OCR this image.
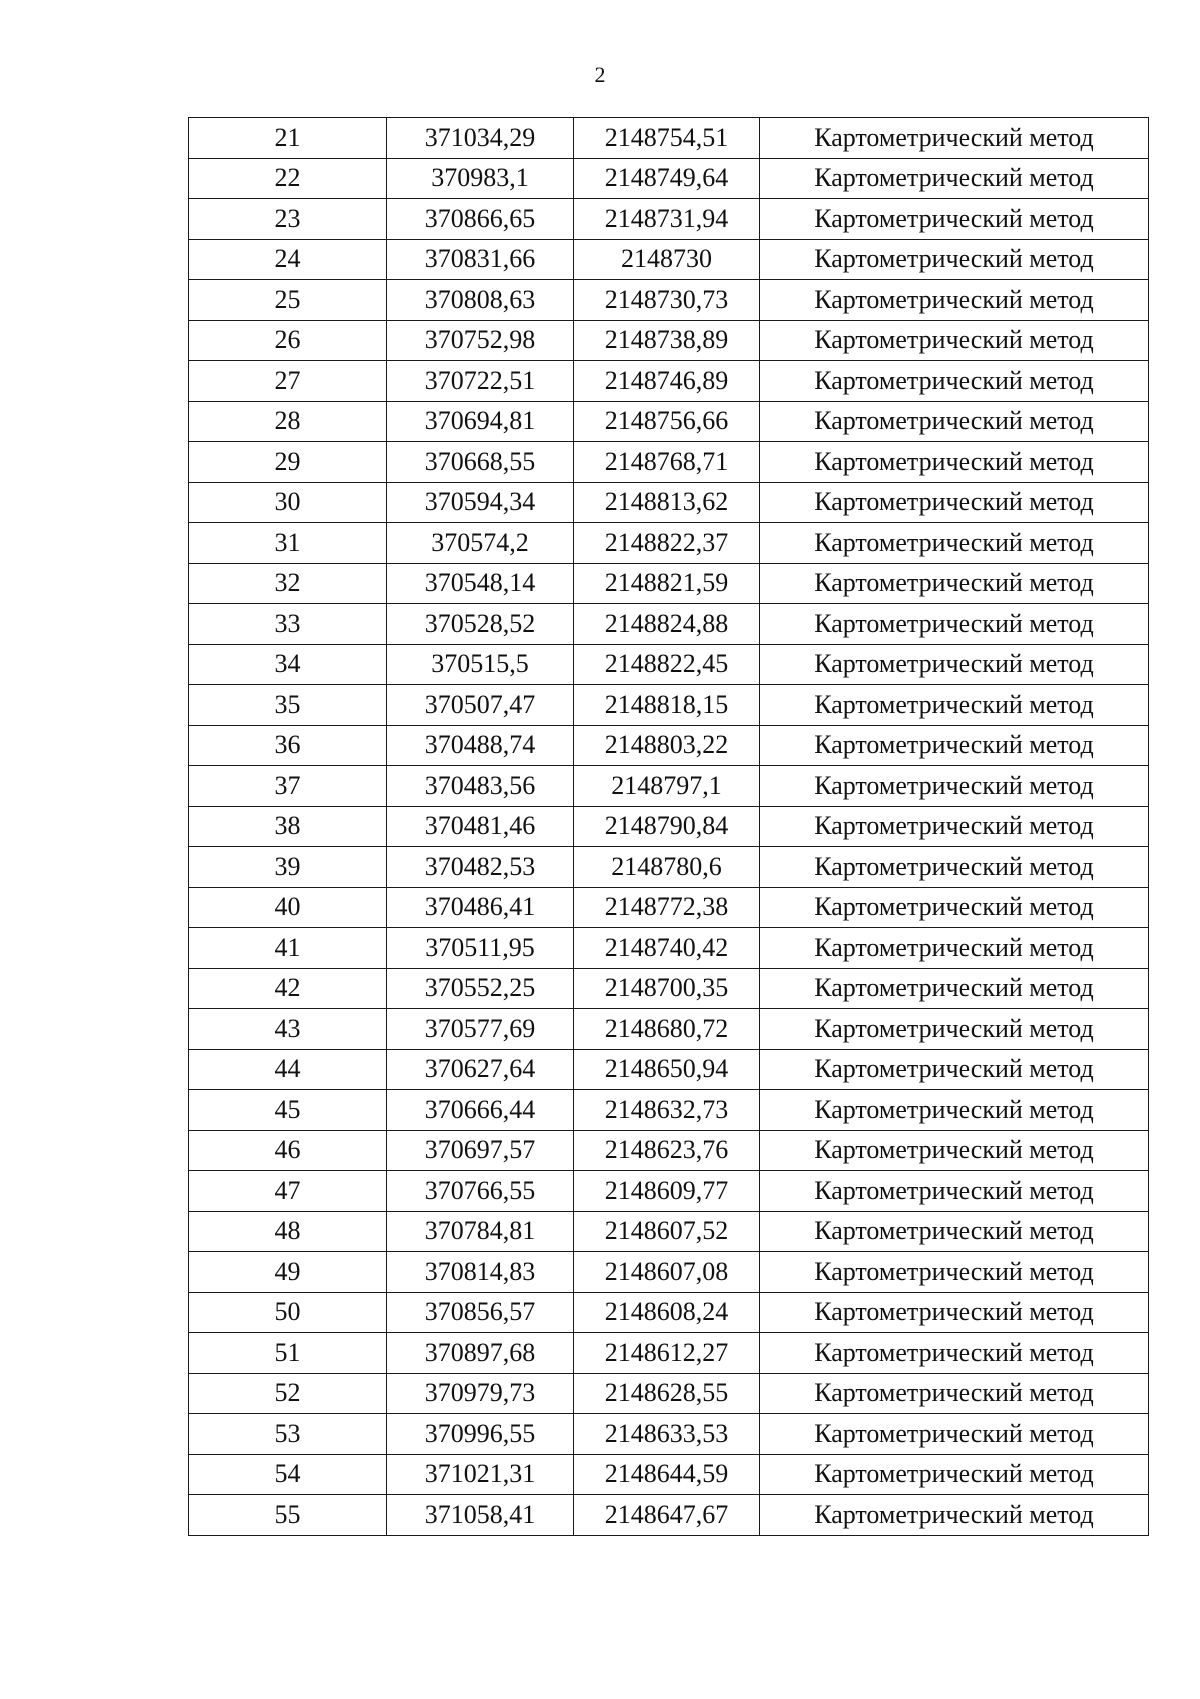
2
21	371034,29	2148754,51	Картометрический метод
22	370983,1	2148749,64	Картометрический метод
23	370866,65	2148731,94	Картометрический метод
24	370831,66	2148730	Картометрический метод
25	370808,63	2148730,73	Картометрический метод
26	370752,98	2148738,89	Картометрический метод
27	370722,51	2148746,89	Картометрический метод
28	370694,81	2148756,66	Картометрический метод
29	370668,55	2148768,71	Картометрический метод
30	370594,34	2148813,62	Картометрический метод
31	370574,2	2148822,37	Картометрический метод
32	370548,14	2148821,59	Картометрический метод
33	370528,52	2148824,88	Картометрический метод
34	370515,5	2148822,45	Картометрический метод
35	370507,47	2148818,15	Картометрический метод
36	370488,74	2148803,22	Картометрический метод
37	370483,56	2148797,1	Картометрический метод
38	370481,46	2148790,84	Картометрический метод
39	370482,53	2148780,6	Картометрический метод
40	370486,41	2148772,38	Картометрический метод
41	370511,95	2148740,42	Картометрический метод
42	370552,25	2148700,35	Картометрический метод
43	370577,69	2148680,72	Картометрический метод
44	370627,64	2148650,94	Картометрический метод
45	370666,44	2148632,73	Картометрический метод
46	370697,57	2148623,76	Картометрический метод
47	370766,55	2148609,77	Картометрический метод
48	370784,81	2148607,52	Картометрический метод
49	370814,83	2148607,08	Картометрический метод
50	370856,57	2148608,24	Картометрический метод
51	370897,68	2148612,27	Картометрический метод
52	370979,73	2148628,55	Картометрический метод
53	370996,55	2148633,53	Картометрический метод
54	371021,31	2148644,59	Картометрический метод
55	371058,41	2148647,67	Картометрический метод
